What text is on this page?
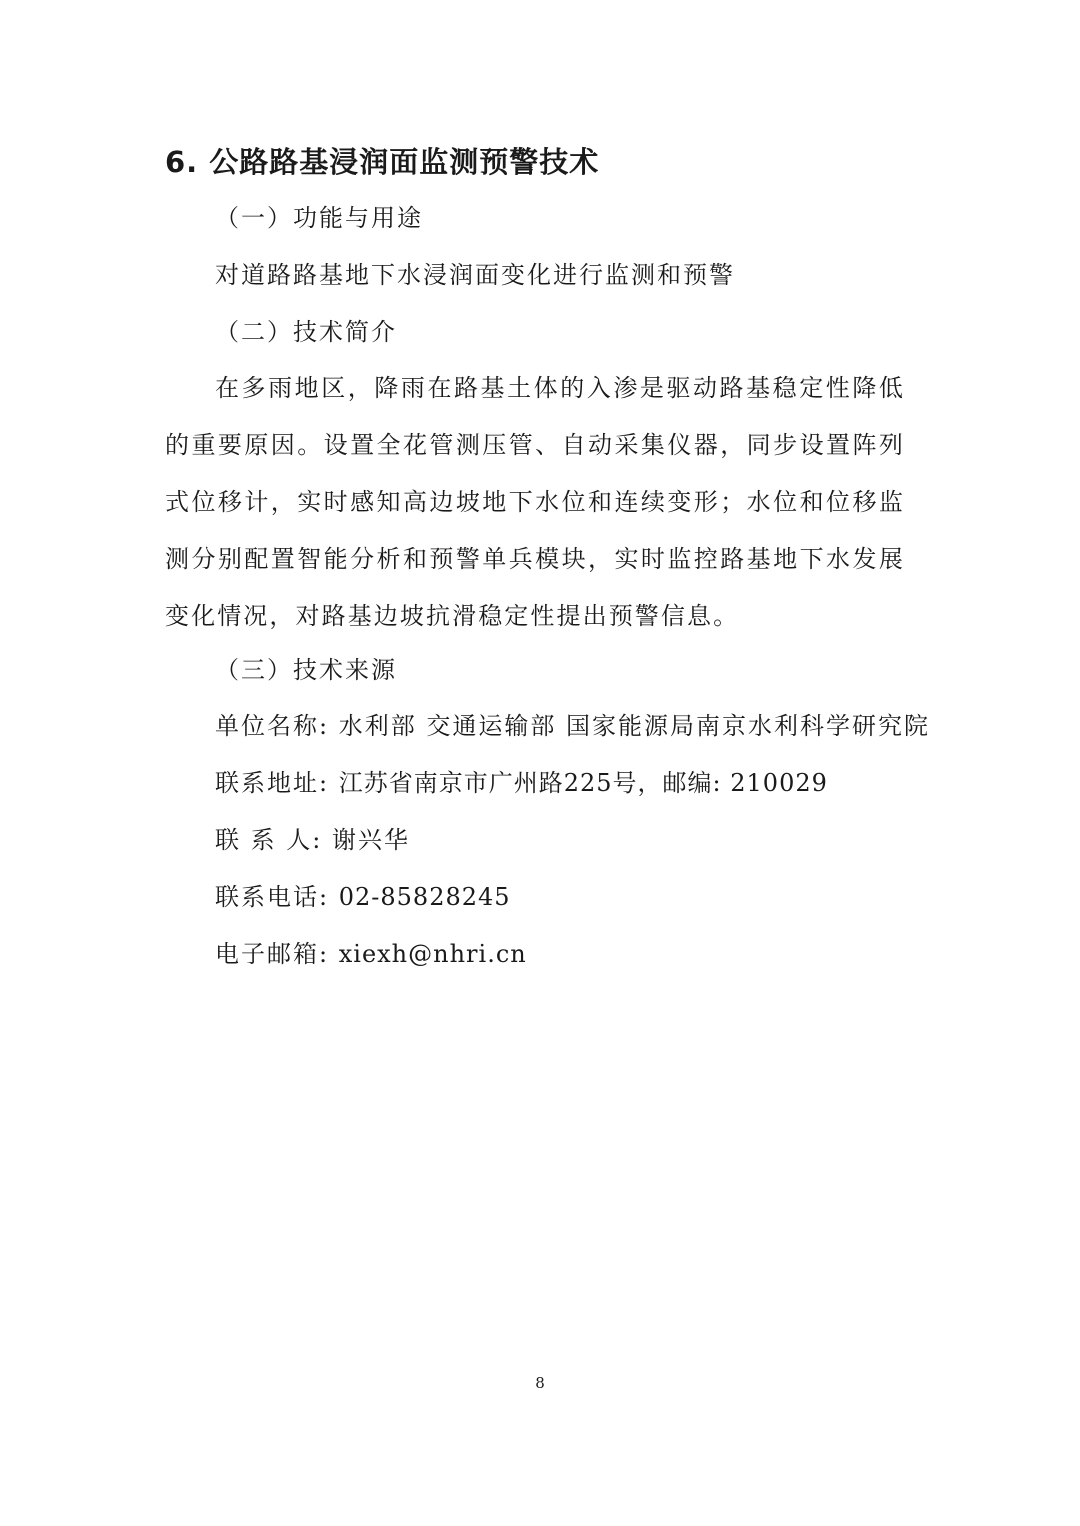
6. 公路路基浸润面监测预警技术

（一）功能与用途

对道路路基地下水浸润面变化进行监测和预警

（二）技术简介

在多雨地区，降雨在路基土体的入渗是驱动路基稳定性降低的重要原因。设置全花管测压管、自动采集仪器，同步设置阵列式位移计，实时感知高边坡地下水位和连续变形；水位和位移监测分别配置智能分析和预警单兵模块，实时监控路基地下水发展变化情况，对路基边坡抗滑稳定性提出预警信息。

（三）技术来源

单位名称: 水利部 交通运输部 国家能源局南京水利科学研究院

联系地址: 江苏省南京市广州路225号，邮编: 210029

联 系 人: 谢兴华

联系电话: 02-85828245

电子邮箱: xiexh@nhri.cn

8
